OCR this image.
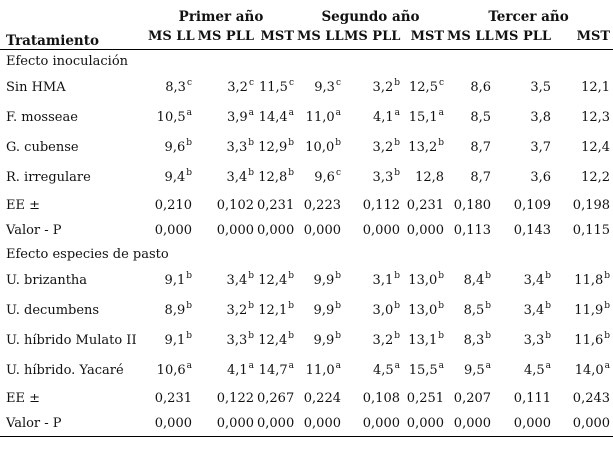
Tratamiento	Primer año			Segundo año			Tercer año		
	MS LL	MS PLL	MST	MS LL	MS PLL	MST	MS LL	MS PLL	MST
Efecto inoculación									
Sin HMA	8,3$^c$	3,2$^c$	11,5$^c$	9,3$^c$	3,2$^b$	12,5$^c$	8,6	3,5	12,1
F. mosseae	10,5$^a$	3,9$^a$	14,4$^a$	11,0$^a$	4,1$^a$	15,1$^a$	8,5	3,8	12,3
G. cubense	9,6$^b$	3,3$^b$	12,9$^b$	10,0$^b$	3,2$^b$	13,2$^b$	8,7	3,7	12,4
R. irregulare	9,4$^b$	3,4$^b$	12,8$^b$	9,6$^c$	3,3$^b$	12,8	8,7	3,6	12,2
EE ±	0,210	0,102	0,231	0,223	0,112	0,231	0,180	0,109	0,198
Valor - P	0,000	0,000	0,000	0,000	0,000	0,000	0,113	0,143	0,115
Efecto especies de pasto									
U. brizantha	9,1$^b$	3,4$^b$	12,4$^b$	9,9$^b$	3,1$^b$	13,0$^b$	8,4$^b$	3,4$^b$	11,8$^b$
U. decumbens	8,9$^b$	3,2$^b$	12,1$^b$	9,9$^b$	3,0$^b$	13,0$^b$	8,5$^b$	3,4$^b$	11,9$^b$
U. híbrido Mulato II	9,1$^b$	3,3$^b$	12,4$^b$	9,9$^b$	3,2$^b$	13,1$^b$	8,3$^b$	3,3$^b$	11,6$^b$
U. híbrido. Yacaré	10,6$^a$	4,1$^a$	14,7$^a$	11,0$^a$	4,5$^a$	15,5$^a$	9,5$^a$	4,5$^a$	14,0$^a$
EE ±	0,231	0,122	0,267	0,224	0,108	0,251	0,207	0,111	0,243
Valor - P	0,000	0,000	0,000	0,000	0,000	0,000	0,000	0,000	0,000
